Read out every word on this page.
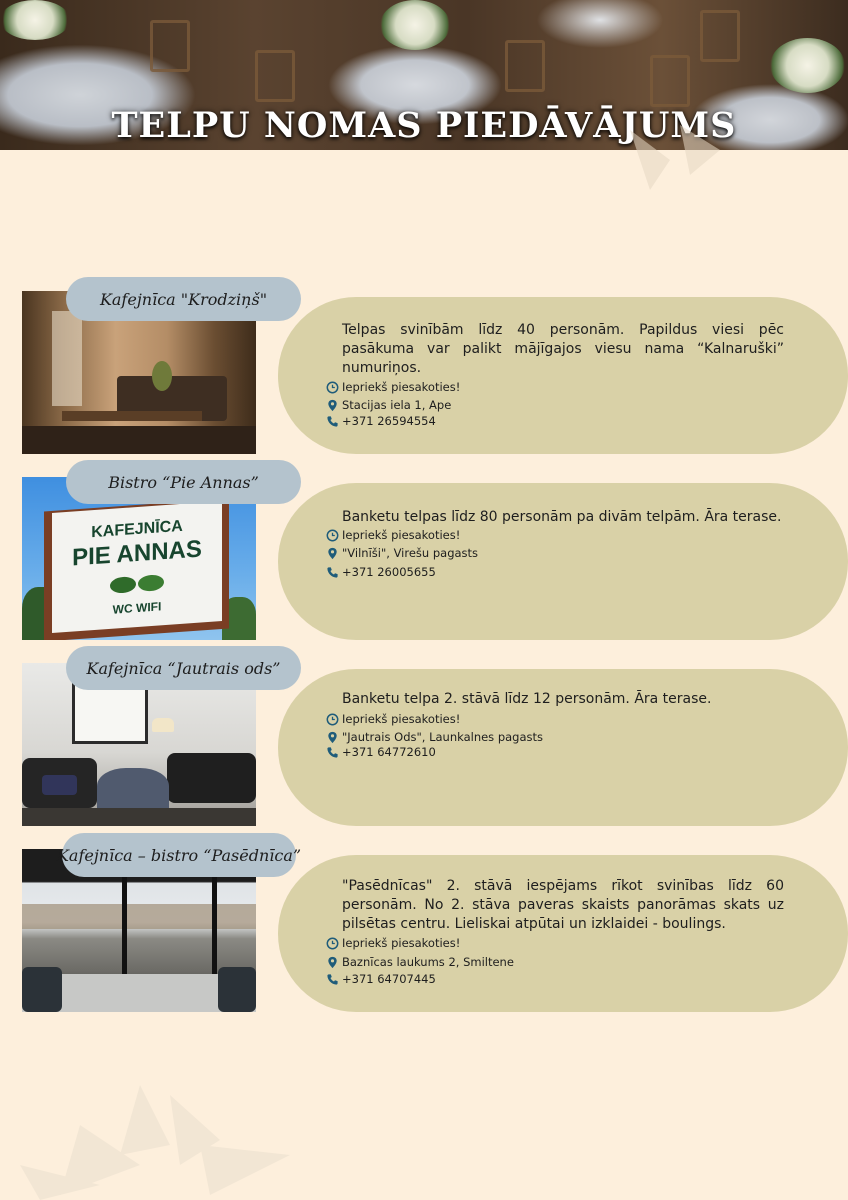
TELPU NOMAS PIEDĀVĀJUMS
Kafejnīca "Krodziņš"

Telpas svinībām līdz 40 personām. Papildus viesi pēc pasākuma var palikt mājīgajos viesu nama “Kalnaruški” numuriņos.

Iepriekš piesakoties!
Stacijas iela 1, Ape
+371 26594554
KAFEJNĪCA
PIE ANNAS
WC WIFI
Bistro “Pie Annas”

Banketu telpas līdz 80 personām pa divām telpām. Āra terase.

Iepriekš piesakoties!
"Vilnīši", Virešu pagasts
+371 26005655
Kafejnīca “Jautrais ods”

Banketu telpa 2. stāvā līdz 12 personām. Āra terase.

Iepriekš piesakoties!
"Jautrais Ods", Launkalnes pagasts
+371 64772610
Kafejnīca – bistro “Pasēdnīca”

"Pasēdnīcas" 2. stāvā iespējams rīkot svinības līdz 60 personām. No 2. stāva paveras skaists panorāmas skats uz pilsētas centru. Lieliskai atpūtai un izklaidei - boulings.

Iepriekš piesakoties!
Baznīcas laukums 2, Smiltene
+371 64707445
